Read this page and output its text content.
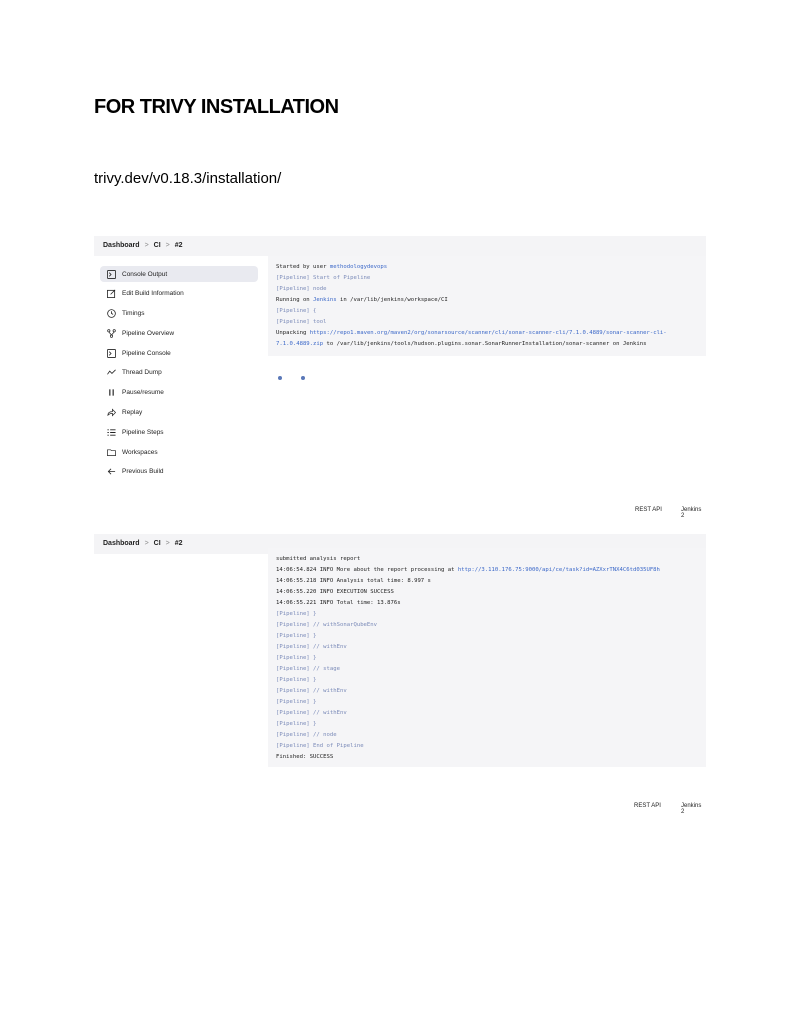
FOR TRIVY INSTALLATION
trivy.dev/v0.18.3/installation/
Dashboard > CI > #2
Console Output
Edit Build Information
Timings
Pipeline Overview
Pipeline Console
Thread Dump
Pause/resume
Replay
Pipeline Steps
Workspaces
Previous Build
Started by user methodologydevops
[Pipeline] Start of Pipeline
[Pipeline] node
Running on Jenkins in /var/lib/jenkins/workspace/CI
[Pipeline] {
[Pipeline] tool
Unpacking https://repo1.maven.org/maven2/org/sonarsource/scanner/cli/sonar-scanner-cli/7.1.0.4889/sonar-scanner-cli-
7.1.0.4889.zip to /var/lib/jenkins/tools/hudson.plugins.sonar.SonarRunnerInstallation/sonar-scanner on Jenkins
REST API	Jenkins 2
Dashboard > CI > #2
submitted analysis report
14:06:54.824 INFO More about the report processing at http://3.110.176.75:9000/api/ce/task?id=AZXxrTNX4C6td035UF8h
14:06:55.218 INFO Analysis total time: 8.997 s
14:06:55.220 INFO EXECUTION SUCCESS
14:06:55.221 INFO Total time: 13.876s
[Pipeline] }
[Pipeline] // withSonarQubeEnv
[Pipeline] }
[Pipeline] // withEnv
[Pipeline] }
[Pipeline] // stage
[Pipeline] }
[Pipeline] // withEnv
[Pipeline] }
[Pipeline] // withEnv
[Pipeline] }
[Pipeline] // node
[Pipeline] End of Pipeline
Finished: SUCCESS
REST API	Jenkins 2
